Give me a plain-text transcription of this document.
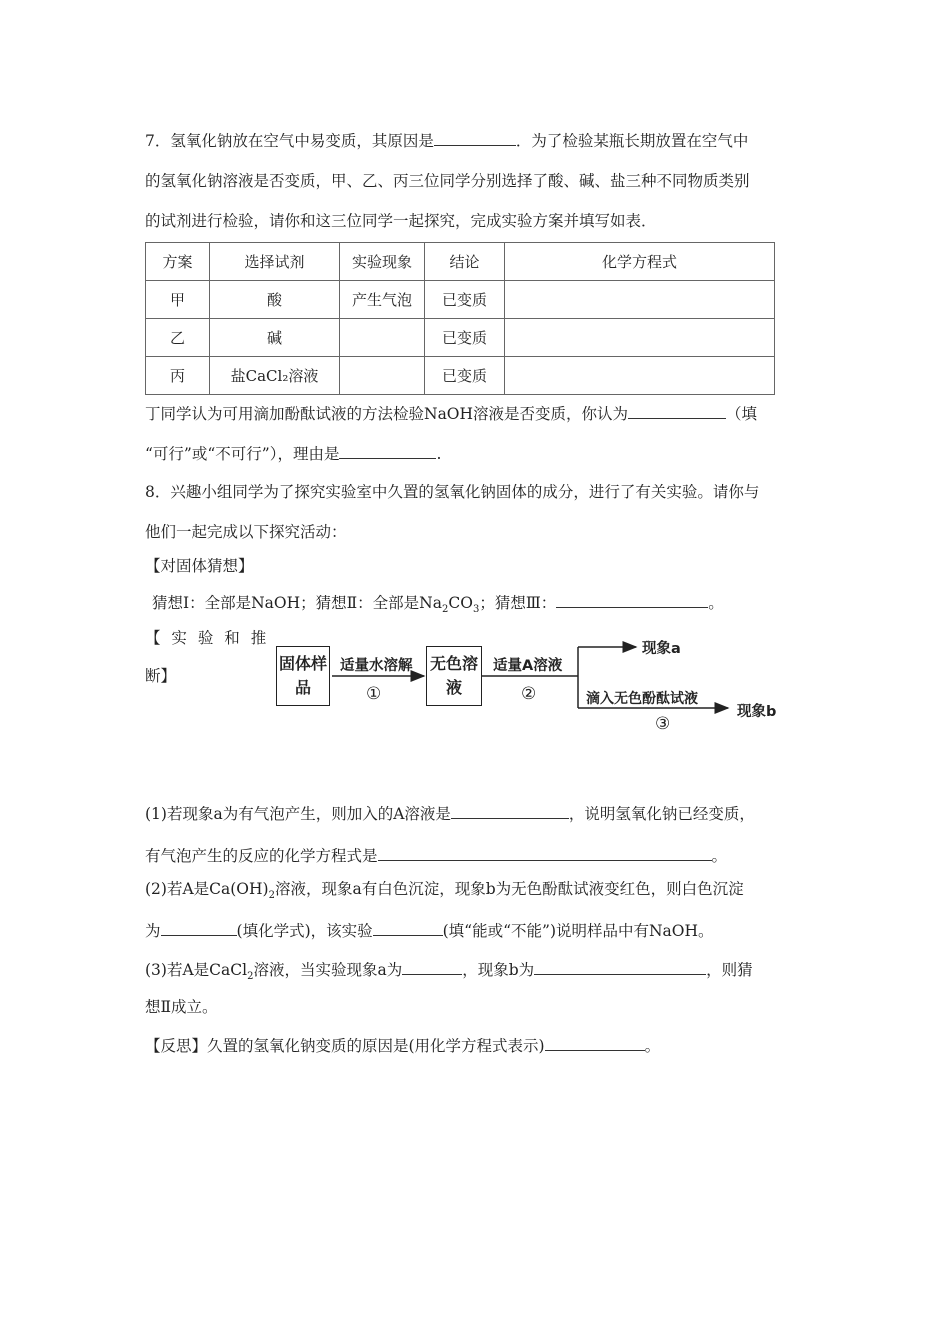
7．氢氧化钠放在空气中易变质，其原因是	．为了检验某瓶长期放置在空气中
的氢氧化钠溶液是否变质，甲、乙、丙三位同学分别选择了酸、碱、盐三种不同物质类别
的试剂进行检验，请你和这三位同学一起探究，完成实验方案并填写如表．
方案	选择试剂	实验现象	结论	化学方程式
甲	酸	产生气泡	已变质	
乙	碱		已变质	
丙	盐CaCl₂溶液		已变质	
丁同学认为可用滴加酚酞试液的方法检验NaOH溶液是否变质，你认为	（填
“可行”或“不可行”），理由是	.
8．兴趣小组同学为了探究实验室中久置的氢氧化钠固体的成分，进行了有关实验。请你与
他们一起完成以下探究活动：
【对固体猜想】
猜想Ⅰ：全部是NaOH；猜想Ⅱ：全部是$Na_2CO_3$；猜想Ⅲ：	。
【 实 验 和 推
断】
固体样品
无色溶液
适量水溶解
①
适量A溶液
②
现象a
滴入无色酚酞试液
③
现象b
(1)若现象a为有气泡产生，则加入的A溶液是	，说明氢氧化钠已经变质，
有气泡产生的反应的化学方程式是	。
(2)若A是$Ca(OH)_2$溶液，现象a有白色沉淀，现象b为无色酚酞试液变红色，则白色沉淀
为	(填化学式)，该实验	(填“能或“不能”)说明样品中有NaOH。
(3)若A是CaCl$_2$溶液，当实验现象a为	，现象b为	，则猜
想Ⅱ成立。
【反思】久置的氢氧化钠变质的原因是(用化学方程式表示)	。
